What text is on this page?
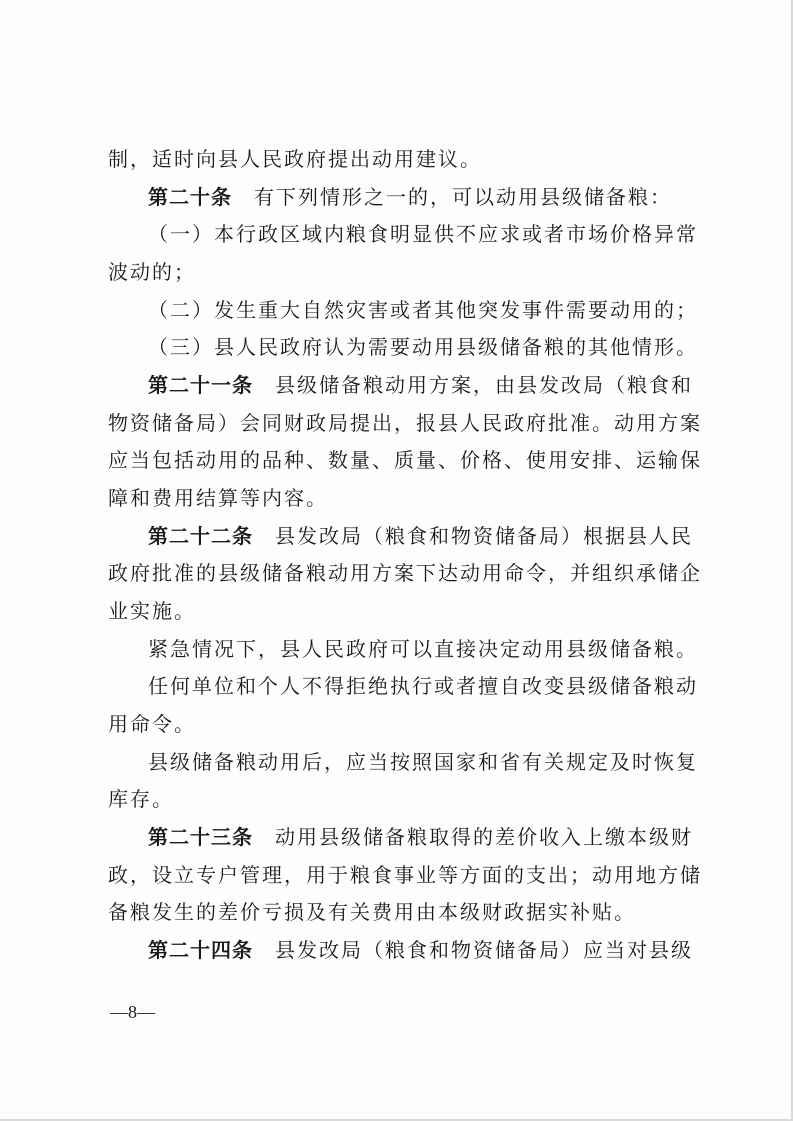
制，适时向县人民政府提出动用建议。
第二十条 有下列情形之一的，可以动用县级储备粮：
（一）本行政区域内粮食明显供不应求或者市场价格异常
波动的；
（二）发生重大自然灾害或者其他突发事件需要动用的；
（三）县人民政府认为需要动用县级储备粮的其他情形。
第二十一条 县级储备粮动用方案，由县发改局（粮食和
物资储备局）会同财政局提出，报县人民政府批准。动用方案
应当包括动用的品种、数量、质量、价格、使用安排、运输保
障和费用结算等内容。
第二十二条 县发改局（粮食和物资储备局）根据县人民
政府批准的县级储备粮动用方案下达动用命令，并组织承储企
业实施。
紧急情况下，县人民政府可以直接决定动用县级储备粮。
任何单位和个人不得拒绝执行或者擅自改变县级储备粮动
用命令。
县级储备粮动用后，应当按照国家和省有关规定及时恢复
库存。
第二十三条 动用县级储备粮取得的差价收入上缴本级财
政，设立专户管理，用于粮食事业等方面的支出；动用地方储
备粮发生的差价亏损及有关费用由本级财政据实补贴。
第二十四条 县发改局（粮食和物资储备局）应当对县级
—8—
